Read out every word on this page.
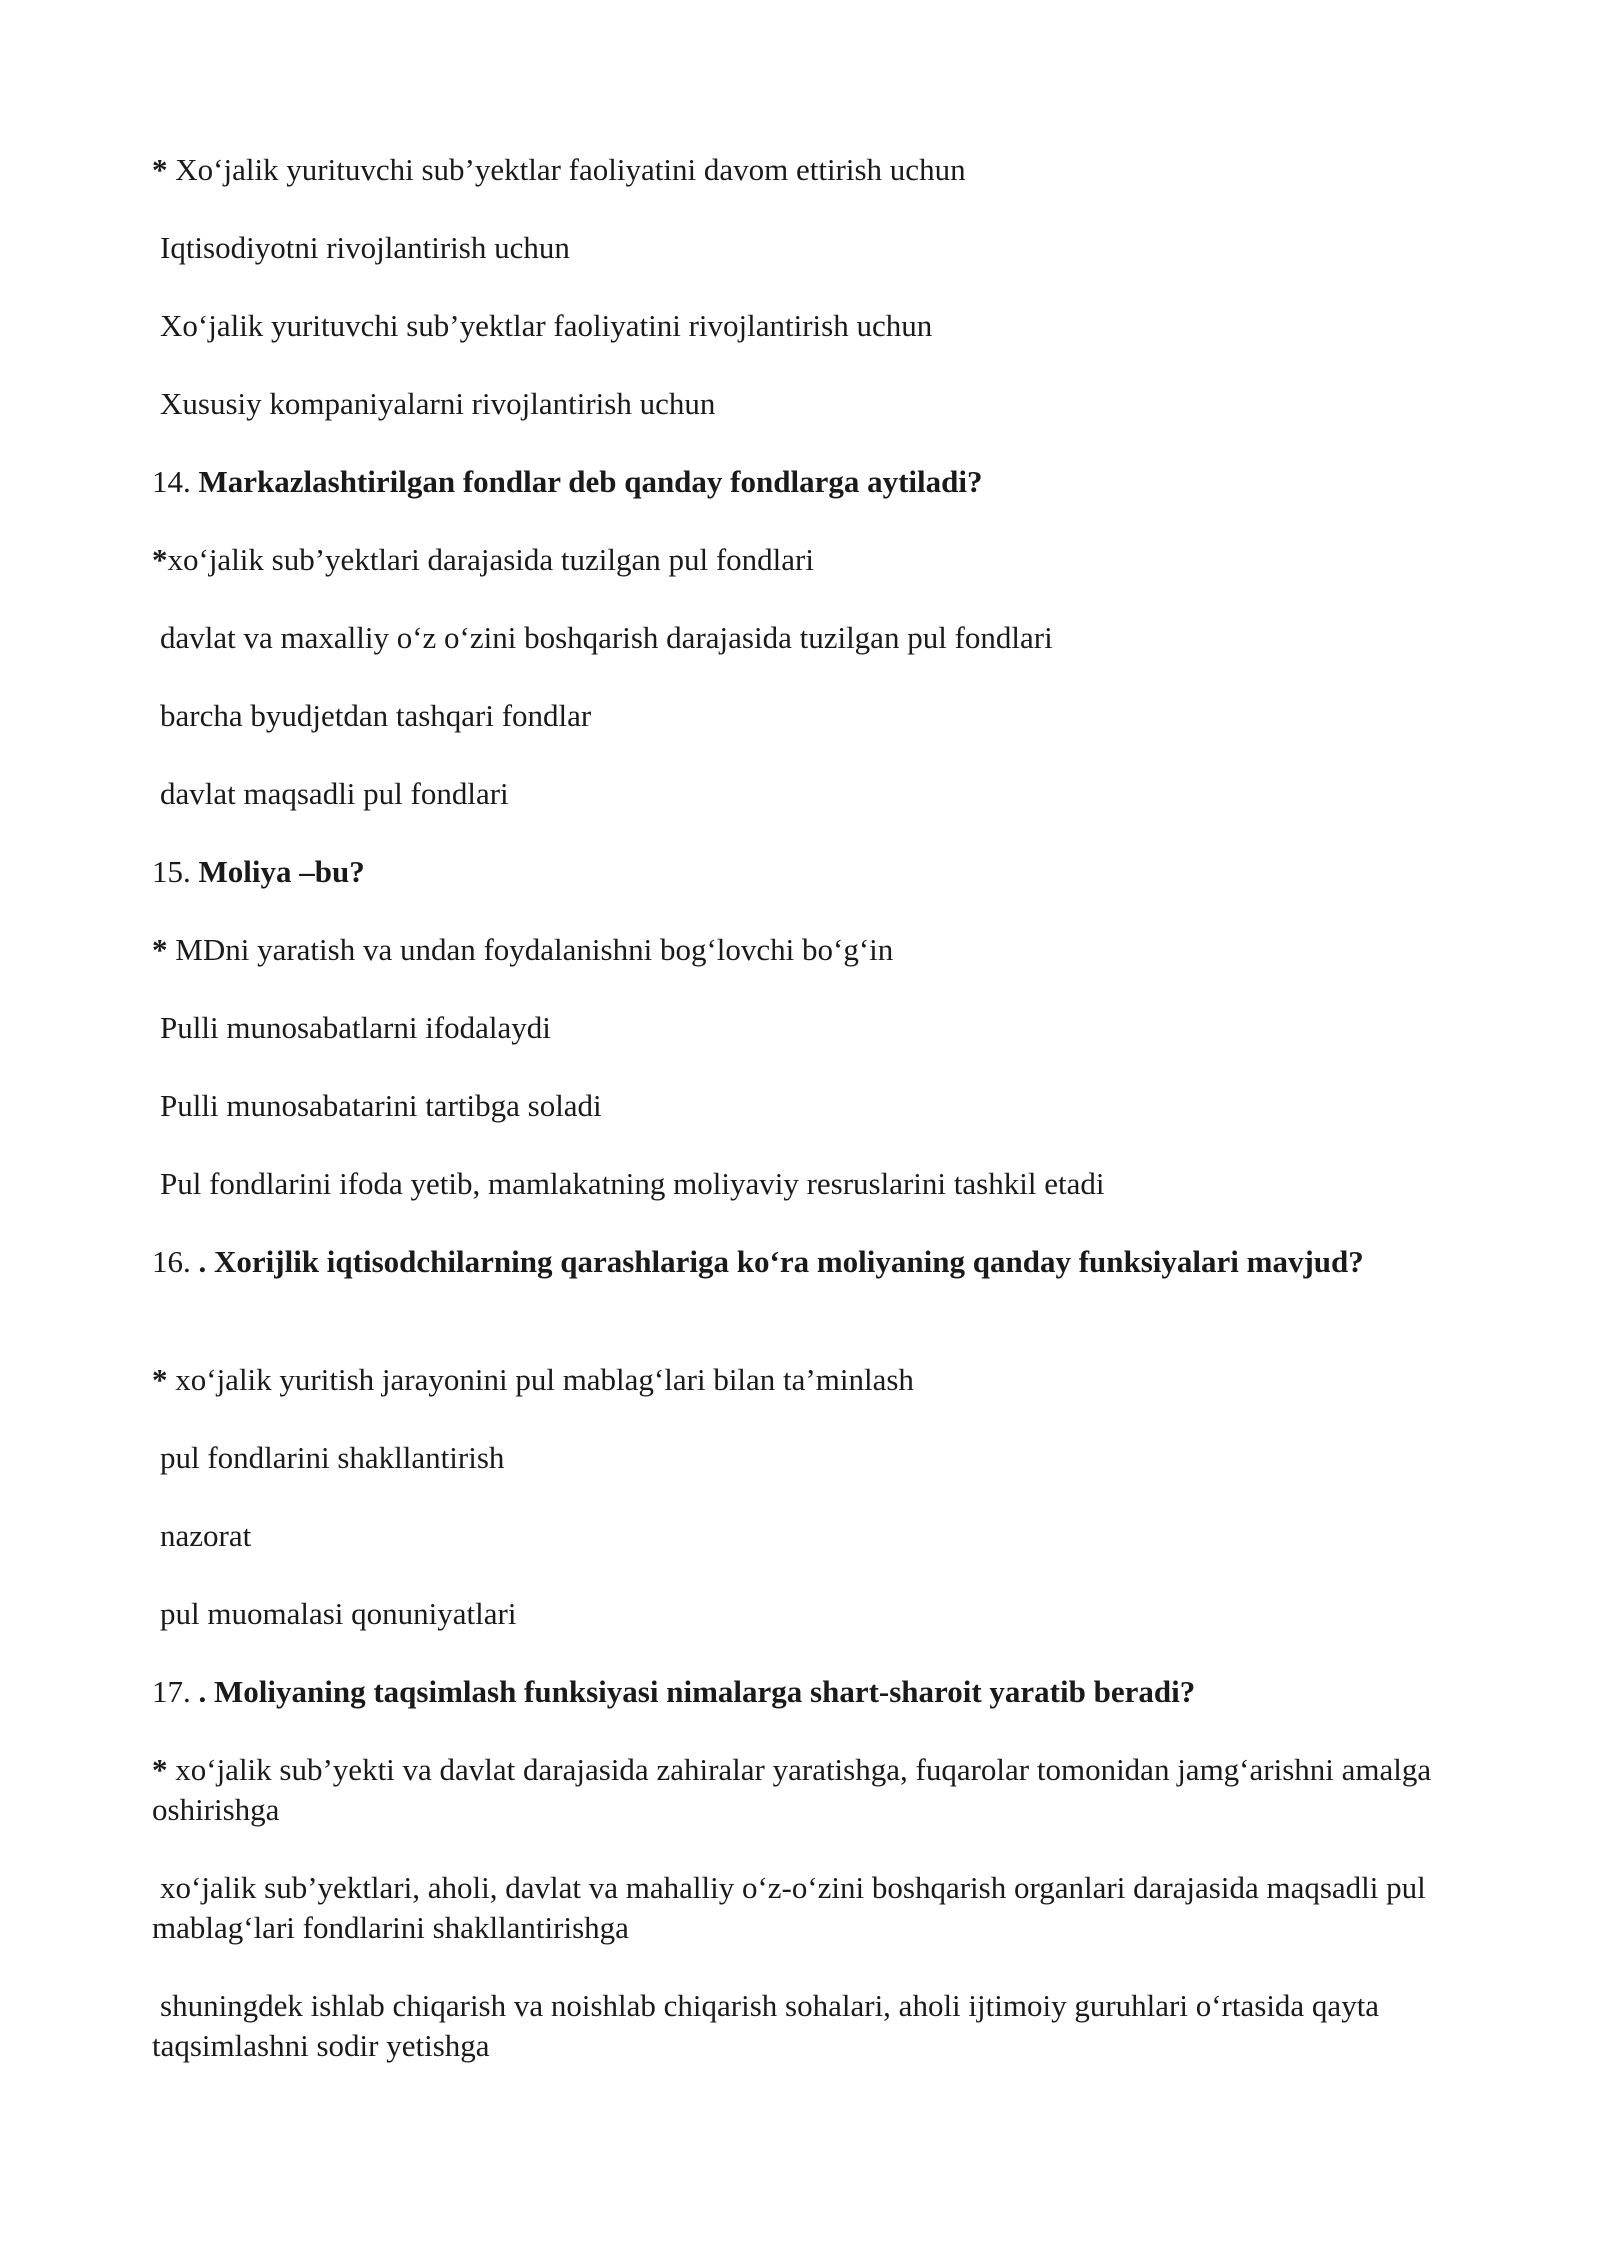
* Xo‘jalik yurituvchi sub’yektlar faoliyatini davom ettirish uchun
Iqtisodiyotni rivojlantirish uchun
Xo‘jalik yurituvchi sub’yektlar faoliyatini rivojlantirish uchun
Xususiy kompaniyalarni rivojlantirish uchun
14. Markazlashtirilgan fondlar deb qanday fondlarga aytiladi?
*xo‘jalik sub’yektlari darajasida tuzilgan pul fondlari
davlat va maxalliy o‘z o‘zini boshqarish darajasida tuzilgan pul fondlari
barcha byudjetdan tashqari fondlar
davlat maqsadli pul fondlari
15. Moliya –bu?
* MDni yaratish va undan foydalanishni bog‘lovchi bo‘g‘in
Pulli munosabatlarni ifodalaydi
Pulli munosabatarini tartibga soladi
Pul fondlarini ifoda yetib, mamlakatning moliyaviy resruslarini tashkil etadi
16. . Xorijlik iqtisodchilarning qarashlariga ko‘ra moliyaning qanday funksiyalari mavjud?
* xo‘jalik yuritish jarayonini pul mablag‘lari bilan ta’minlash
pul fondlarini shakllantirish
nazorat
pul muomalasi qonuniyatlari
17. . Moliyaning taqsimlash funksiyasi nimalarga shart-sharoit yaratib beradi?
* xo‘jalik sub’yekti va davlat darajasida zahiralar yaratishga, fuqarolar tomonidan jamg‘arishni amalga oshirishga
xo‘jalik sub’yektlari, aholi, davlat va mahalliy o‘z-o‘zini boshqarish organlari darajasida maqsadli pul mablag‘lari fondlarini shakllantirishga
shuningdek ishlab chiqarish va noishlab chiqarish sohalari, aholi ijtimoiy guruhlari o‘rtasida qayta taqsimlashni sodir yetishga
